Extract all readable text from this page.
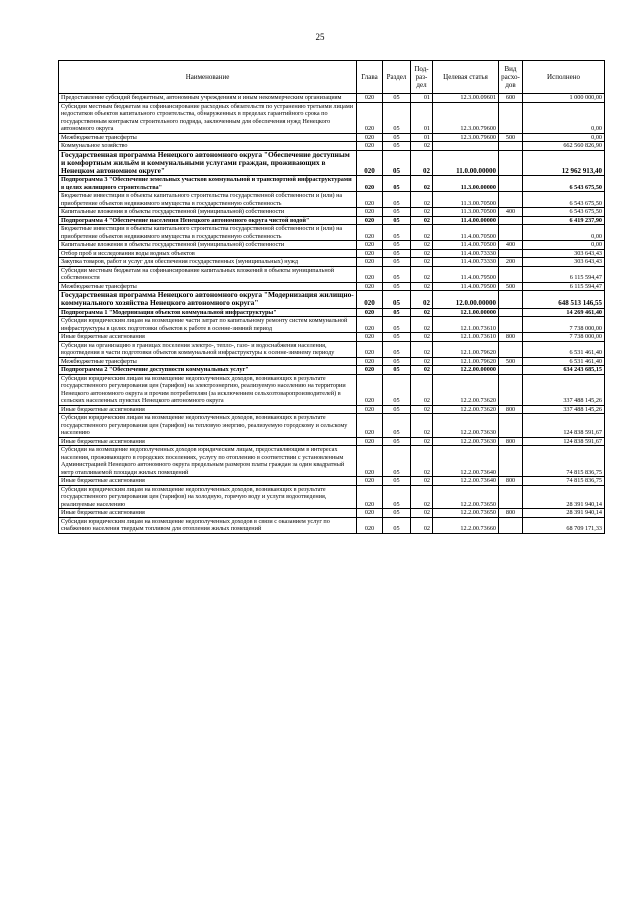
25
Наименование	Глава	Раздел	Под-раз-дел	Целевая статья	Вид расхо-дов	Исполнено
Предоставление субсидий бюджетным, автономным учреждениям и иным некоммерческим организациям	020	05	01	12.3.00.09601	600	1 000 000,00
Субсидии местным бюджетам на софинансирование расходных обязательств по устранению третьими лицами недостатков объектов капитального строительства, обнаруженных в пределах гарантийного срока по государственным контрактам строительного подряда, заключенным для обеспечения нужд Ненецкого автономного округа	020	05	01	12.3.00.79600		0,00
Межбюджетные трансферты	020	05	01	12.3.00.79600	500	0,00
Коммунальное хозяйство	020	05	02			662 560 826,90
Государственная программа Ненецкого автономного округа "Обеспечение доступным и комфортным жильём и коммунальными услугами граждан, проживающих в Ненецком автономном округе"	020	05	02	11.0.00.00000		12 962 913,40
Подпрограмма 3 "Обеспечение земельных участков коммунальной и транспортной инфраструктурами в целях жилищного строительства"	020	05	02	11.3.00.00000		6 543 675,50
Бюджетные инвестиции в объекты капитального строительства государственной собственности и (или) на приобретение объектов недвижимого имущества в государственную собственность	020	05	02	11.3.00.70500		6 543 675,50
Капитальные вложения в объекты государственной (муниципальной) собственности	020	05	02	11.3.00.70500	400	6 543 675,50
Подпрограмма 4 "Обеспечение населения Ненецкого автономного округа чистой водой"	020	05	02	11.4.00.00000		6 419 237,90
Бюджетные инвестиции в объекты капитального строительства государственной собственности и (или) на приобретение объектов недвижимого имущества в государственную собственность	020	05	02	11.4.00.70500		0,00
Капитальные вложения в объекты государственной (муниципальной) собственности	020	05	02	11.4.00.70500	400	0,00
Отбор проб и исследования воды водных объектов	020	05	02	11.4.00.73330		303 643,43
Закупка товаров, работ и услуг для обеспечения государственных (муниципальных) нужд	020	05	02	11.4.00.73330	200	303 643,43
Субсидии местным бюджетам на софинансирование капитальных вложений в объекты муниципальной собственности	020	05	02	11.4.00.79500		6 115 594,47
Межбюджетные трансферты	020	05	02	11.4.00.79500	500	6 115 594,47
Государственная программа Ненецкого автономного округа "Модернизация жилищно-коммунального хозяйства Ненецкого автономного округа"	020	05	02	12.0.00.00000		648 513 146,55
Подпрограмма 1 "Модернизация объектов коммунальной инфраструктуры"	020	05	02	12.1.00.00000		14 269 461,40
Субсидии юридическим лицам на возмещение части затрат по капитальному ремонту систем коммунальной инфраструктуры в целях подготовки объектов к работе в осенне-зимний период	020	05	02	12.1.00.73610		7 738 000,00
Иные бюджетные ассигнования	020	05	02	12.1.00.73610	800	7 738 000,00
Субсидии на организацию в границах поселения электро-, тепло-, газо- и водоснабжения населения, водоотведения в части подготовки объектов коммунальной инфраструктуры к осенне-зимнему периоду	020	05	02	12.1.00.79620		6 531 461,40
Межбюджетные трансферты	020	05	02	12.1.00.79620	500	6 531 461,40
Подпрограмма 2 "Обеспечение доступности коммунальных услуг"	020	05	02	12.2.00.00000		634 243 685,15
Субсидии юридическим лицам на возмещение недополученных доходов, возникающих в результате государственного регулирования цен (тарифов) на электроэнергию, реализуемую населению на территории Ненецкого автономного округа и прочим потребителям (за исключением сельхозтоваропроизводителей) в сельских населенных пунктах Ненецкого автономного округа	020	05	02	12.2.00.73620		337 488 145,26
Иные бюджетные ассигнования	020	05	02	12.2.00.73620	800	337 488 145,26
Субсидии юридическим лицам на возмещение недополученных доходов, возникающих в результате государственного регулирования цен (тарифов) на тепловую энергию, реализуемую городскому и сельскому населению	020	05	02	12.2.00.73630		124 838 591,67
Иные бюджетные ассигнования	020	05	02	12.2.00.73630	800	124 838 591,67
Субсидии на возмещение недополученных доходов юридическим лицам, предоставляющим в интересах населения, проживающего в городских поселениях, услугу по отоплению в соответствии с установленным Администрацией Ненецкого автономного округа предельным размером платы граждан за один квадратный метр отапливаемой площади жилых помещений	020	05	02	12.2.00.73640		74 815 836,75
Иные бюджетные ассигнования	020	05	02	12.2.00.73640	800	74 815 836,75
Субсидии юридическим лицам на возмещение недополученных доходов, возникающих в результате государственного регулирования цен (тарифов) на холодную, горячую воду и услуги водоотведения, реализуемые населению	020	05	02	12.2.00.73650		28 391 940,14
Иные бюджетные ассигнования	020	05	02	12.2.00.73650	800	28 391 940,14
Субсидии юридическим лицам на возмещение недополученных доходов в связи с оказанием услуг по снабжению населения твердым топливом для отопления жилых помещений	020	05	02	12.2.00.73660		68 709 171,33
